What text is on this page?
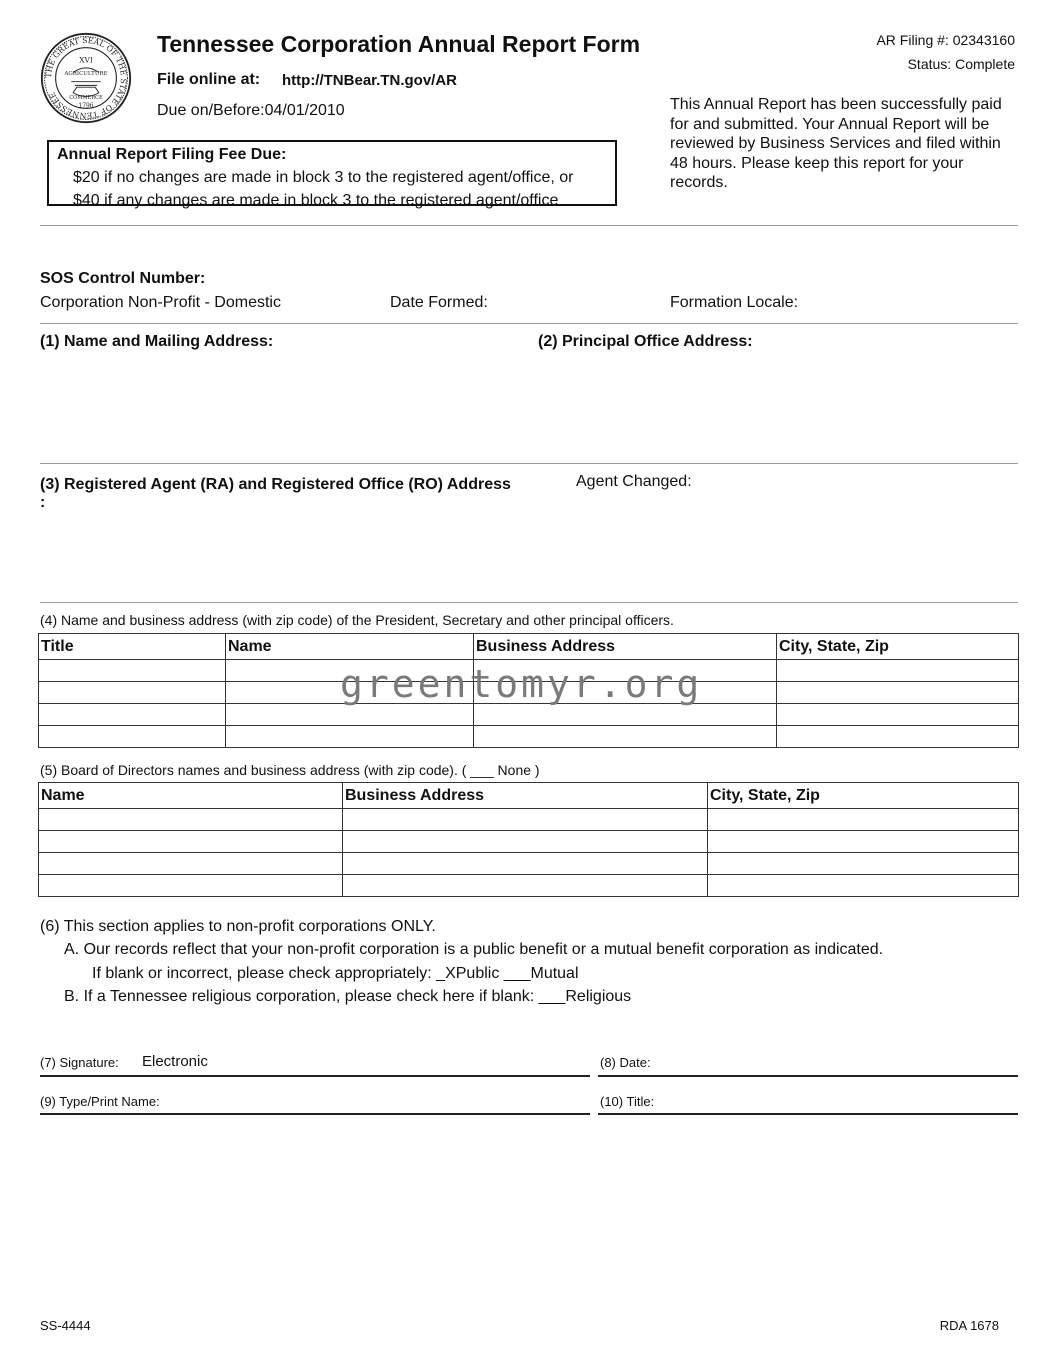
THE GREAT SEAL OF THE STATE OF TENNESSEE
XVI
AGRICULTURE
COMMERCE
1796
Tennessee Corporation Annual Report Form
File online at: http://TNBear.TN.gov/AR
Due on/Before:04/01/2010
AR Filing #: 02343160
Status: Complete
This Annual Report has been successfully paid for and submitted. Your Annual Report will be reviewed by Business Services and filed within 48 hours. Please keep this report for your records.
Annual Report Filing Fee Due:
$20 if no changes are made in block 3 to the registered agent/office, or
$40 if any changes are made in block 3 to the registered agent/office
SOS Control Number:
Corporation Non-Profit - Domestic	Date Formed:	Formation Locale:
(1) Name and Mailing Address:	(2) Principal Office Address:
(3) Registered Agent (RA) and Registered Office (RO) Address
:
Agent Changed:
(4) Name and business address (with zip code) of the President, Secretary and other principal officers.
Title	Name	Business Address	City, State, Zip

greentomyr.org
(5) Board of Directors names and business address (with zip code). ( ___ None )
Name	Business Address	City, State, Zip

(6) This section applies to non-profit corporations ONLY.
A. Our records reflect that your non-profit corporation is a public benefit or a mutual benefit corporation as indicated.
If blank or incorrect, please check appropriately: _XPublic ___Mutual
B. If a Tennessee religious corporation, please check here if blank: ___Religious
(7) Signature: Electronic	(8) Date:
(9) Type/Print Name:	(10) Title:
SS-4444	RDA 1678
